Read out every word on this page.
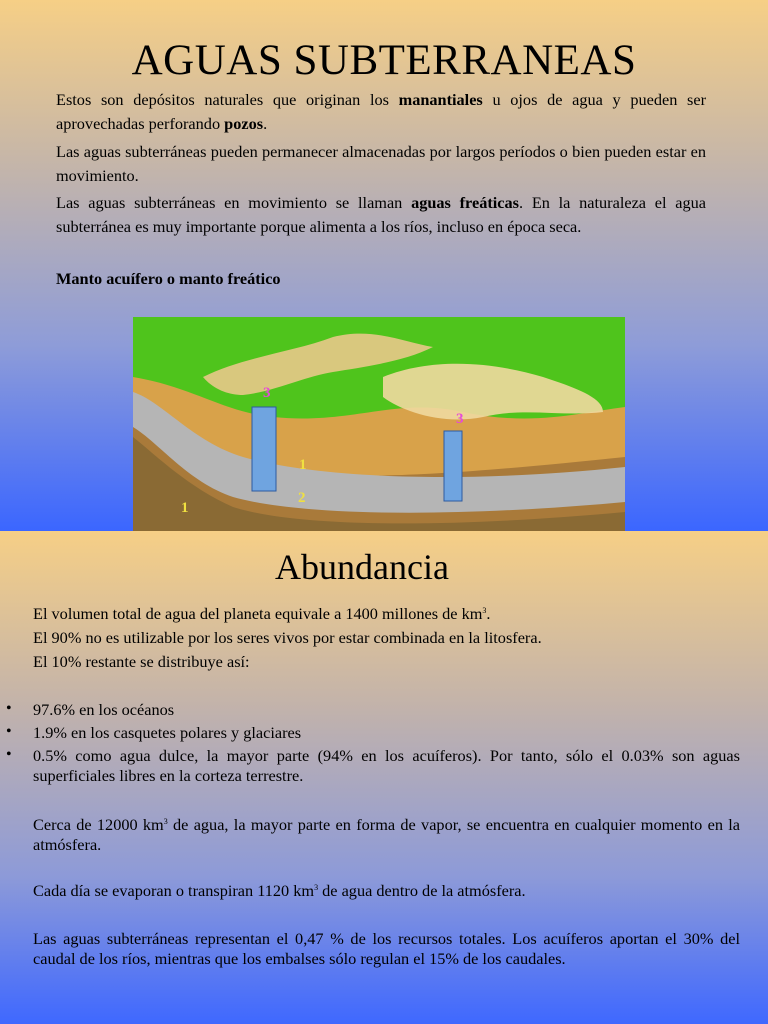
AGUAS SUBTERRANEAS
Estos son depósitos naturales que originan los manantiales u ojos de agua y pueden ser aprovechadas perforando pozos.
Las aguas subterráneas pueden permanecer almacenadas por largos períodos o bien pueden estar en movimiento.
Las aguas subterráneas en movimiento se llaman aguas freáticas. En la naturaleza el agua subterránea es muy importante porque alimenta a los ríos, incluso en época seca.
Manto acuífero o manto freático
3
3
1
2
1
Abundancia
El volumen total de agua del planeta equivale a 1400 millones de $km^3$.
El 90% no es utilizable por los seres vivos por estar combinada en la litosfera.
El 10% restante se distribuye así:
• 97.6% en los océanos
• 1.9% en los casquetes polares y glaciares
• 0.5% como agua dulce, la mayor parte (94% en los acuíferos). Por tanto, sólo el 0.03% son aguas superficiales libres en la corteza terrestre.
Cerca de 12000 $km^3$ de agua, la mayor parte en forma de vapor, se encuentra en cualquier momento en la atmósfera.
Cada día se evaporan o transpiran 1120 $km^3$ de agua dentro de la atmósfera.
Las aguas subterráneas representan el 0,47 % de los recursos totales. Los acuíferos aportan el 30% del caudal de los ríos, mientras que los embalses sólo regulan el 15% de los caudales.
